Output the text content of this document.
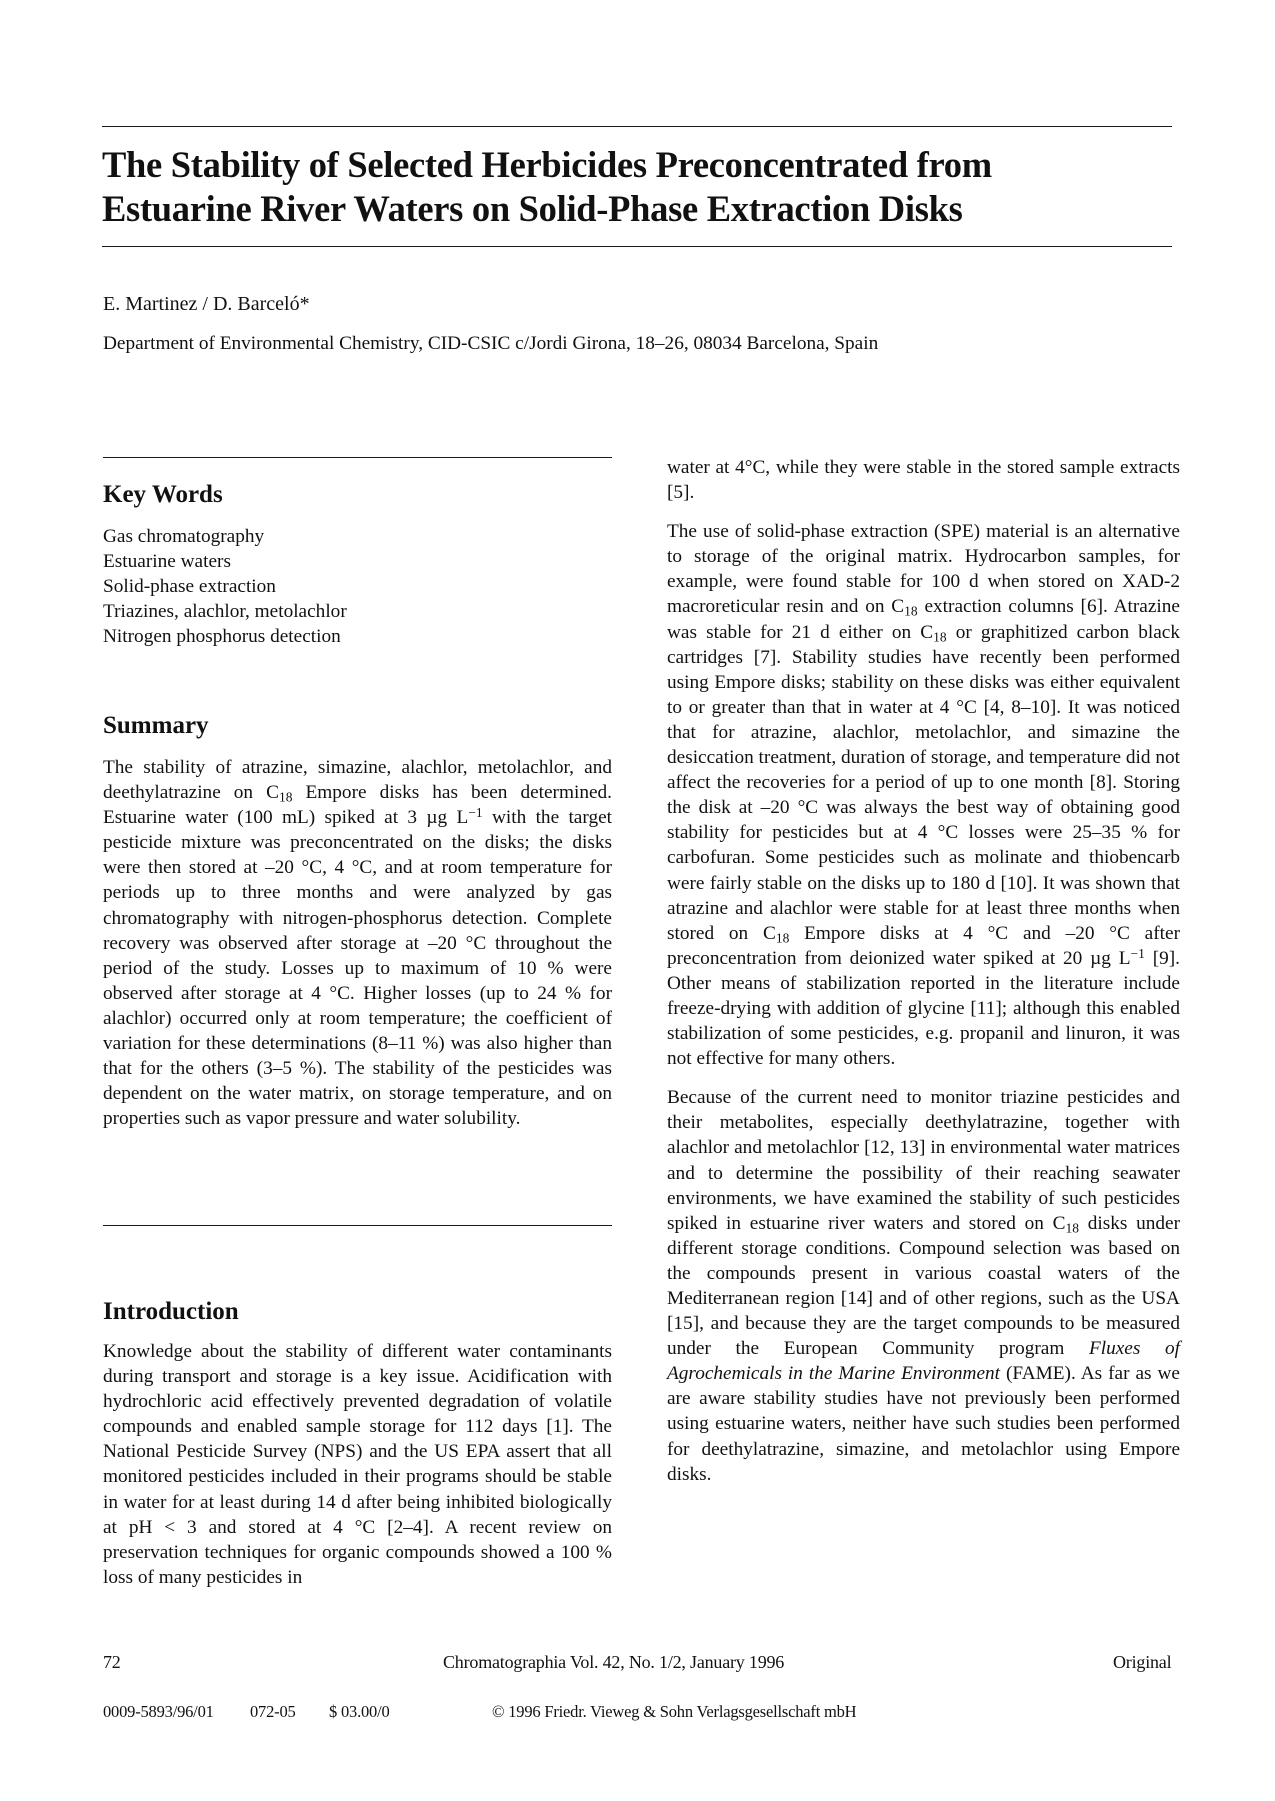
The Stability of Selected Herbicides Preconcentrated from
Estuarine River Waters on Solid-Phase Extraction Disks
E. Martinez / D. Barceló*
Department of Environmental Chemistry, CID-CSIC c/Jordi Girona, 18–26, 08034 Barcelona, Spain
Key Words
Gas chromatography
Estuarine waters
Solid-phase extraction
Triazines, alachlor, metolachlor
Nitrogen phosphorus detection
Summary

The stability of atrazine, simazine, alachlor, metolachlor, and deethylatrazine on $C_{18}$ Empore disks has been determined. Estuarine water (100 mL) spiked at 3 µg $L^{-1}$ with the target pesticide mixture was preconcentrated on the disks; the disks were then stored at –20 °C, 4 °C, and at room temperature for periods up to three months and were analyzed by gas chromatography with nitrogen-phosphorus detection. Complete recovery was observed after storage at –20 °C throughout the period of the study. Losses up to maximum of 10 % were observed after storage at 4 °C. Higher losses (up to 24 % for alachlor) occurred only at room temperature; the coefficient of variation for these determinations (8–11 %) was also higher than that for the others (3–5 %). The stability of the pesticides was dependent on the water matrix, on storage temperature, and on properties such as vapor pressure and water solubility.

Introduction

Knowledge about the stability of different water contaminants during transport and storage is a key issue. Acidification with hydrochloric acid effectively prevented degradation of volatile compounds and enabled sample storage for 112 days [1]. The National Pesticide Survey (NPS) and the US EPA assert that all monitored pesticides included in their programs should be stable in water for at least during 14 d after being inhibited biologically at pH < 3 and stored at 4 °C [2–4]. A recent review on preservation techniques for organic compounds showed a 100 % loss of many pesticides in

water at 4°C, while they were stable in the stored sample extracts [5].

The use of solid-phase extraction (SPE) material is an alternative to storage of the original matrix. Hydrocarbon samples, for example, were found stable for 100 d when stored on XAD-2 macroreticular resin and on $C_{18}$ extraction columns [6]. Atrazine was stable for 21 d either on $C_{18}$ or graphitized carbon black cartridges [7]. Stability studies have recently been performed using Empore disks; stability on these disks was either equivalent to or greater than that in water at 4 °C [4, 8–10]. It was noticed that for atrazine, alachlor, metolachlor, and simazine the desiccation treatment, duration of storage, and temperature did not affect the recoveries for a period of up to one month [8]. Storing the disk at –20 °C was always the best way of obtaining good stability for pesticides but at 4 °C losses were 25–35 % for carbofuran. Some pesticides such as molinate and thiobencarb were fairly stable on the disks up to 180 d [10]. It was shown that atrazine and alachlor were stable for at least three months when stored on $C_{18}$ Empore disks at 4 °C and –20 °C after preconcentration from deionized water spiked at 20 µg $L^{-1}$ [9]. Other means of stabilization reported in the literature include freeze-drying with addition of glycine [11]; although this enabled stabilization of some pesticides, e.g. propanil and linuron, it was not effective for many others.

Because of the current need to monitor triazine pesticides and their metabolites, especially deethylatrazine, together with alachlor and metolachlor [12, 13] in environmental water matrices and to determine the possibility of their reaching seawater environments, we have examined the stability of such pesticides spiked in estuarine river waters and stored on $C_{18}$ disks under different storage conditions. Compound selection was based on the compounds present in various coastal waters of the Mediterranean region [14] and of other regions, such as the USA [15], and because they are the target compounds to be measured under the European Community program Fluxes of Agrochemicals in the Marine Environment (FAME). As far as we are aware stability studies have not previously been performed using estuarine waters, neither have such studies been performed for deethylatrazine, simazine, and metolachlor using Empore disks.

72	Chromatographia Vol. 42, No. 1/2, January 1996	Original
0009-5893/96/01 072-05 $ 03.00/0	© 1996 Friedr. Vieweg & Sohn Verlagsgesellschaft mbH
